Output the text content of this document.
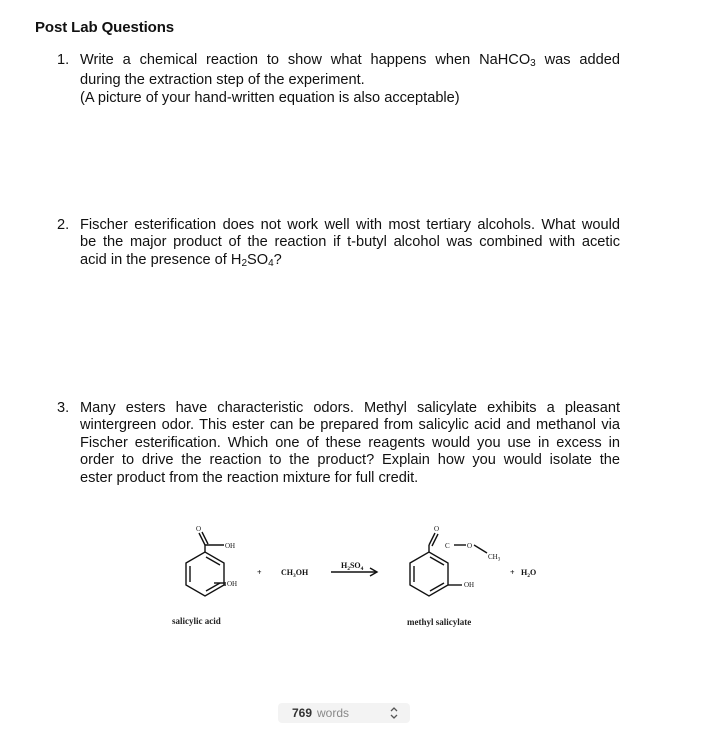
Post Lab Questions
1. Write a chemical reaction to show what happens when NaHCO$_3$ was added
during the extraction step of the experiment.
(A picture of your hand-written equation is also acceptable)
2. Fischer esterification does not work well with most tertiary alcohols. What would
be the major product of the reaction if t-butyl alcohol was combined with acetic
acid in the presence of $H_2SO_4$?
3. Many esters have characteristic odors. Methyl salicylate exhibits a pleasant
wintergreen odor. This ester can be prepared from salicylic acid and methanol via
Fischer esterification. Which one of these reagents would you use in excess in
order to drive the reaction to the product? Explain how you would isolate the
ester product from the reaction mixture for full credit.
O
OH
OH
O
C O
$CH_3$
OH
+ $CH_3OH$
$H_2SO_4$	+ $H_2O$
salicylic acid	methyl salicylate
769 words
